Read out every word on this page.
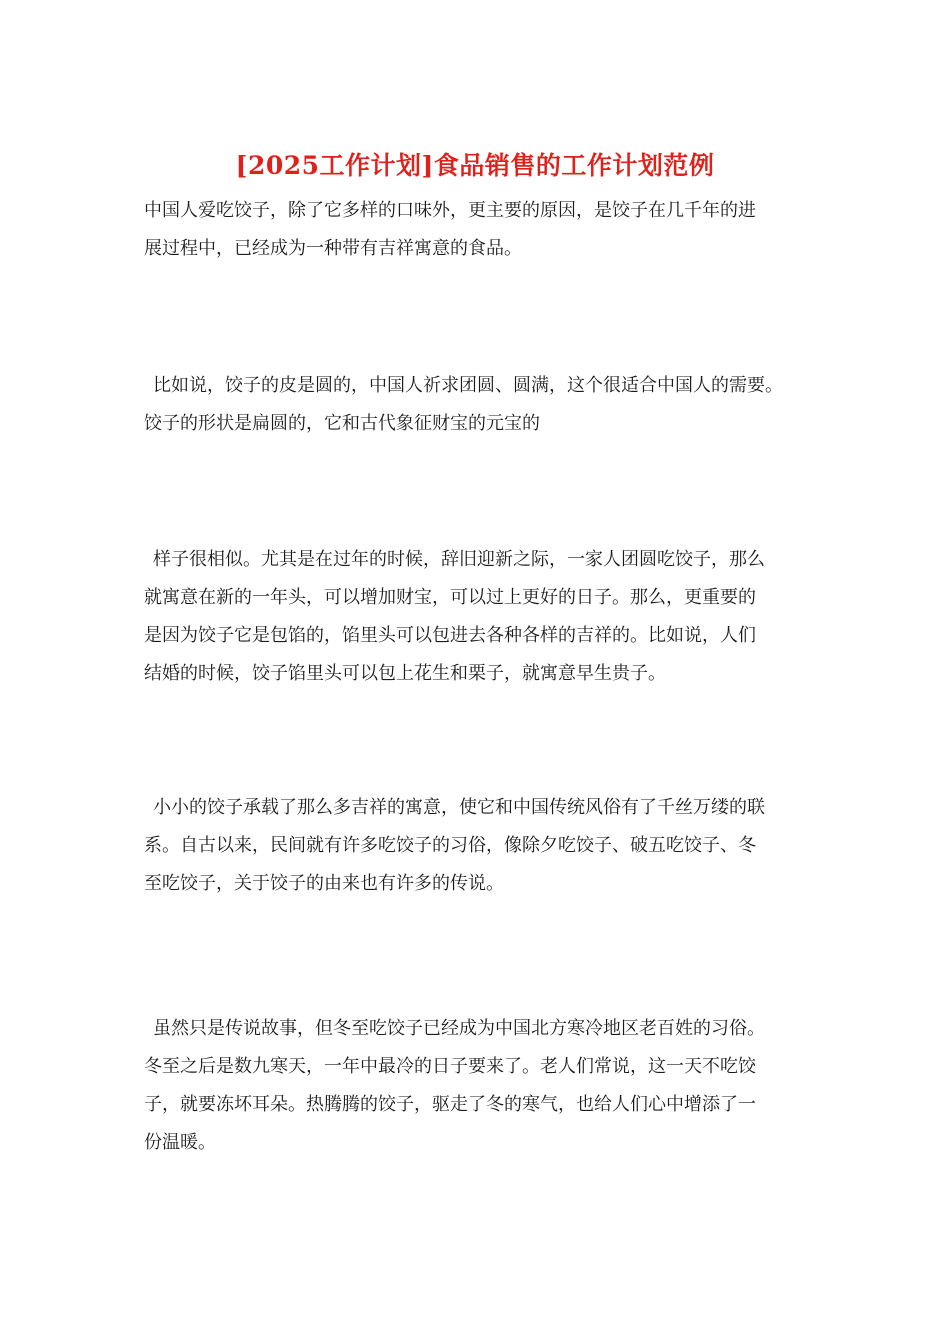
[2025工作计划]食品销售的工作计划范例
中国人爱吃饺子，除了它多样的口味外，更主要的原因，是饺子在几千年的进
展过程中，已经成为一种带有吉祥寓意的食品。
比如说，饺子的皮是圆的，中国人祈求团圆、圆满，这个很适合中国人的需要。
饺子的形状是扁圆的，它和古代象征财宝的元宝的
样子很相似。尤其是在过年的时候，辞旧迎新之际，一家人团圆吃饺子，那么
就寓意在新的一年头，可以增加财宝，可以过上更好的日子。那么，更重要的
是因为饺子它是包馅的，馅里头可以包进去各种各样的吉祥的。比如说，人们
结婚的时候，饺子馅里头可以包上花生和栗子，就寓意早生贵子。
小小的饺子承载了那么多吉祥的寓意，使它和中国传统风俗有了千丝万缕的联
系。自古以来，民间就有许多吃饺子的习俗，像除夕吃饺子、破五吃饺子、冬
至吃饺子，关于饺子的由来也有许多的传说。
虽然只是传说故事，但冬至吃饺子已经成为中国北方寒冷地区老百姓的习俗。
冬至之后是数九寒天，一年中最冷的日子要来了。老人们常说，这一天不吃饺
子，就要冻坏耳朵。热腾腾的饺子，驱走了冬的寒气，也给人们心中增添了一
份温暖。
